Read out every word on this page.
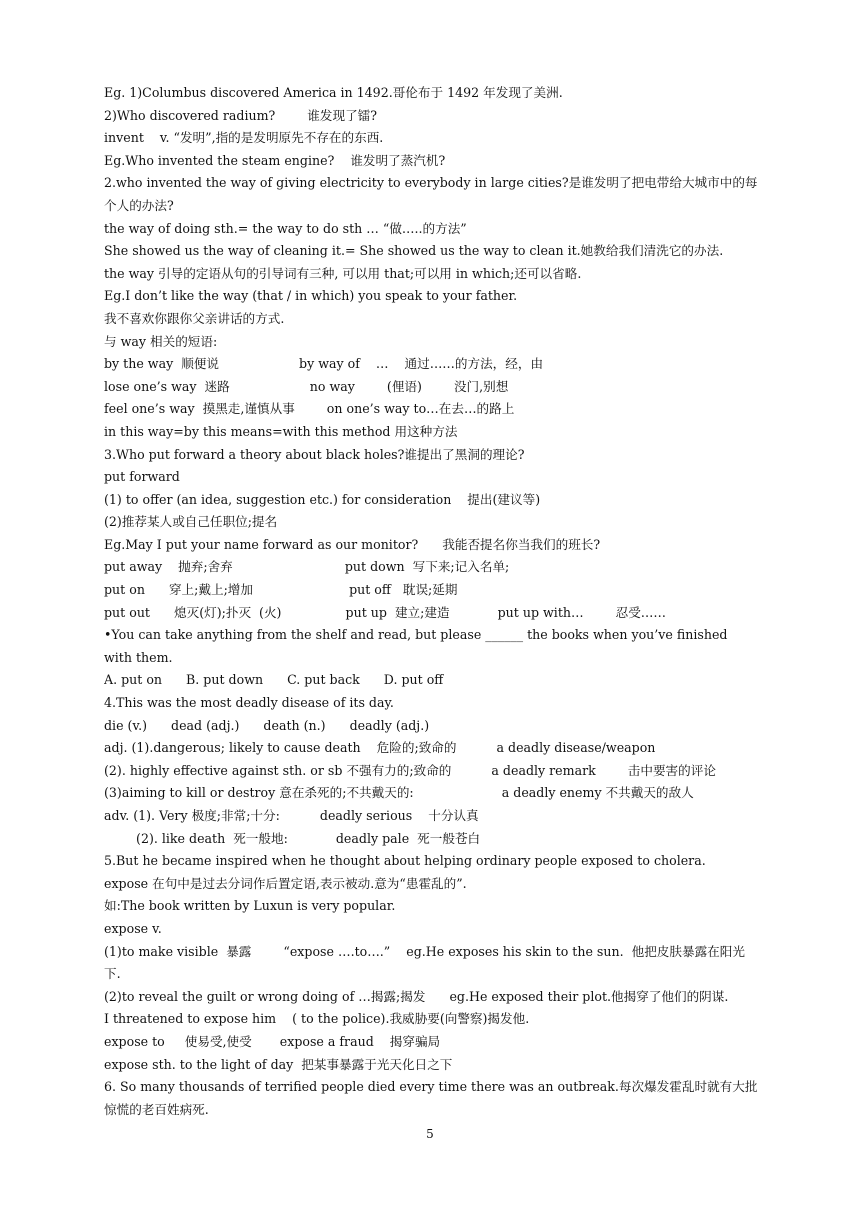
Eg. 1)Columbus discovered America in 1492.哥伦布于 1492 年发现了美洲.
2)Who discovered radium?        谁发现了镭?
invent    v. “发明”,指的是发明原先不存在的东西.
Eg.Who invented the steam engine?    谁发明了蒸汽机?
2.who invented the way of giving electricity to everybody in large cities?是谁发明了把电带给大城市中的每个人的办法?
the way of doing sth.= the way to do sth … “做…..的方法”
She showed us the way of cleaning it.= She showed us the way to clean it.她教给我们清洗它的办法.
the way 引导的定语从句的引导词有三种, 可以用 that;可以用 in which;还可以省略.
Eg.I don’t like the way (that / in which) you speak to your father.
我不喜欢你跟你父亲讲话的方式.
与 way 相关的短语:
by the way  顺便说                    by way of    …    通过……的方法，经，由
lose one’s way  迷路                    no way        (俚语)        没门,别想
feel one’s way  摸黑走,谨慎从事        on one’s way to…在去…的路上
in this way=by this means=with this method 用这种方法
3.Who put forward a theory about black holes?谁提出了黑洞的理论?
put forward
(1) to offer (an idea, suggestion etc.) for consideration    提出(建议等)
(2)推荐某人或自己任职位;提名
Eg.May I put your name forward as our monitor?      我能否提名你当我们的班长?
put away    抛弃;舍弃                            put down  写下来;记入名单;
put on      穿上;戴上;增加                        put off   耽误;延期
put out      熄灭(灯);扑灭  (火)                put up  建立;建造            put up with…        忍受……
•You can take anything from the shelf and read, but please ______ the books when you’ve finished with them.
A. put on      B. put down      C. put back      D. put off
4.This was the most deadly disease of its day.
die (v.)      dead (adj.)      death (n.)      deadly (adj.)
adj. (1).dangerous; likely to cause death    危险的;致命的          a deadly disease/weapon
(2). highly effective against sth. or sb 不强有力的;致命的          a deadly remark        击中要害的评论
(3)aiming to kill or destroy 意在杀死的;不共戴天的:                      a deadly enemy 不共戴天的敌人
adv. (1). Very 极度;非常;十分:          deadly serious    十分认真
(2). like death  死一般地:            deadly pale  死一般苍白
5.But he became inspired when he thought about helping ordinary people exposed to cholera.
expose 在句中是过去分词作后置定语,表示被动.意为“患霍乱的”.
如:The book written by Luxun is very popular.
expose v.
(1)to make visible  暴露        “expose ….to….”    eg.He exposes his skin to the sun.  他把皮肤暴露在阳光下.
(2)to reveal the guilt or wrong doing of …揭露;揭发      eg.He exposed their plot.他揭穿了他们的阴谋.
I threatened to expose him    ( to the police).我威胁要(向警察)揭发他.
expose to     使易受,使受       expose a fraud    揭穿骗局
expose sth. to the light of day  把某事暴露于光天化日之下
6. So many thousands of terrified people died every time there was an outbreak.每次爆发霍乱时就有大批惊慌的老百姓病死.
5
